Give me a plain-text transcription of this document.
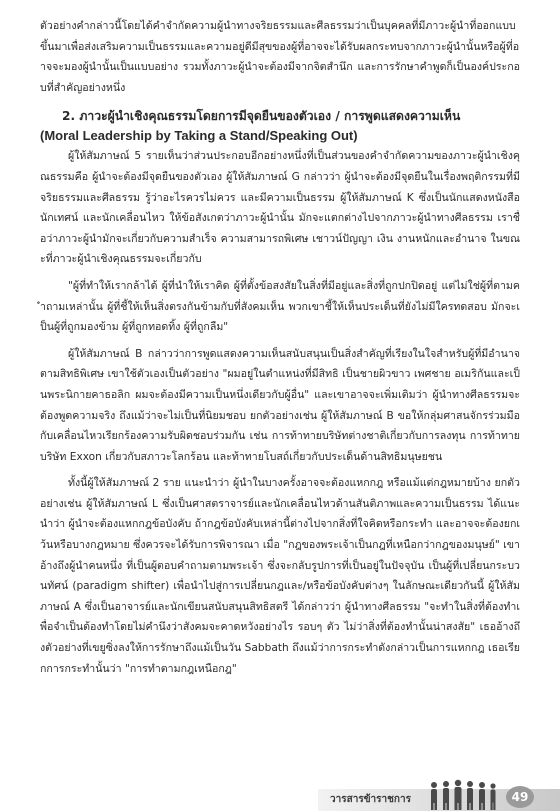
ตัวอย่างคำกล่าวนี้โดยได้คำจำกัดความผู้นำทางจริยธรรมและศีลธรรมว่าเป็นบุคคลที่มีภาวะผู้นำที่ออกแบบขึ้นมาเพื่อส่งเสริมความเป็นธรรมและความอยู่ดีมีสุขของผู้ที่อาจจะได้รับผลกระทบจากภาวะผู้นำนั้นหรือผู้ที่อาจจะมองผู้นำนั้นเป็นแบบอย่าง รวมทั้งภาวะผู้นำจะต้องมีจากจิตสำนึก และการรักษาคำพูดก็เป็นองค์ประกอบที่สำคัญอย่างหนึ่ง

2. ภาวะผู้นำเชิงคุณธรรมโดยการมีจุดยืนของตัวเอง / การพูดแสดงความเห็น
(Moral Leadership by Taking a Stand/Speaking Out)

ผู้ให้สัมภาษณ์ 5 รายเห็นว่าส่วนประกอบอีกอย่างหนึ่งที่เป็นส่วนของคำจำกัดความของภาวะผู้นำเชิงคุณธรรมคือ ผู้นำจะต้องมีจุดยืนของตัวเอง ผู้ให้สัมภาษณ์ G กล่าวว่า ผู้นำจะต้องมีจุดยืนในเรื่องพฤติกรรมที่มีจริยธรรมและศีลธรรม รู้ว่าอะไรควรไม่ควร และมีความเป็นธรรม ผู้ให้สัมภาษณ์ K ซึ่งเป็นนักแสดงหนังสือ นักเทศน์ และนักเคลื่อนไหว ให้ข้อสังเกตว่าภาวะผู้นำนั้น มักจะแตกต่างไปจากภาวะผู้นำทางศีลธรรม เราชื่อว่าภาวะผู้นำมักจะเกี่ยวกับความสำเร็จ ความสามารถพิเศษ เชาวน์ปัญญา เงิน งานหนักและอำนาจ ในขณะที่ภาวะผู้นำเชิงคุณธรรมจะเกี่ยวกับ

"ผู้ที่ทำให้เรากล้าได้ ผู้ที่นำให้เราคิด ผู้ที่ตั้งข้อสงสัยในสิ่งที่มีอยู่และสิ่งที่ถูกปกปิดอยู่ แต่ไม่ใช่ผู้ที่ตามคำถามเหล่านั้น ผู้ที่ชี้ให้เห็นสิ่งตรงกันข้ามกับที่สังคมเห็น พวกเขาชี้ให้เห็นประเด็นที่ยังไม่มีใครทดสอบ มักจะเป็นผู้ที่ถูกมองข้าม ผู้ที่ถูกทอดทิ้ง ผู้ที่ถูกลืม"

ผู้ให้สัมภาษณ์ B กล่าวว่าการพูดแสดงความเห็นสนับสนุนเป็นสิ่งสำคัญที่เรียงในใจสำหรับผู้ที่มีอำนาจตามสิทธิพิเศษ เขาใช้ตัวเองเป็นตัวอย่าง "ผมอยู่ในตำแหน่งที่มีสิทธิ เป็นชายผิวขาว เพศชาย อเมริกันและเป็นพระนิกายคาธอลิก ผมจะต้องมีความเป็นหนึ่งเดียวกับผู้อื่น" และเขาอาจจะเพิ่มเติมว่า ผู้นำทางศีลธรรมจะต้องพูดความจริง ถึงแม้ว่าจะไม่เป็นที่นิยมชอบ ยกตัวอย่างเช่น ผู้ให้สัมภาษณ์ B ขอให้กลุ่มศาสนจักรร่วมมือกับเคลื่อนไหวเรียกร้องความรับผิดชอบร่วมกัน เช่น การท้าทายบริษัทต่างชาติเกี่ยวกับการลงทุน การท้าทายบริษัท Exxon เกี่ยวกับสภาวะโลกร้อน และท้าทายโบสถ์เกี่ยวกับประเด็นด้านสิทธิมนุษยชน

ทั้งนี้ผู้ให้สัมภาษณ์ 2 ราย แนะนำว่า ผู้นำในบางครั้งอาจจะต้องแหกกฎ หรือแม้แต่กฎหมายบ้าง ยกตัวอย่างเช่น ผู้ให้สัมภาษณ์ L ซึ่งเป็นศาสตราจารย์และนักเคลื่อนไหวด้านสันติภาพและความเป็นธรรม ได้แนะนำว่า ผู้นำจะต้องแหกกฎข้อบังคับ ถ้ากฎข้อบังคับเหล่านี้ต่างไปจากสิ่งที่ใจคิดหรือกระทำ และอาจจะต้องยกเว้นหรือบางกฎหมาย ซึ่งควรจะได้รับการพิจารณา เมื่อ "กฎของพระเจ้าเป็นกฎที่เหนือกว่ากฎของมนุษย์" เขาอ้างถึงผู้นำคนหนึ่ง ที่เป็นผู้ตอบคำถามตามพระเจ้า ซึ่งจะกลับรูปการที่เป็นอยู่ในปัจจุบัน เป็นผู้ที่เปลี่ยนกระบวนทัศน์ (paradigm shifter) เพื่อนำไปสู่การเปลี่ยนกฎและ/หรือข้อบังคับต่างๆ ในลักษณะเดียวกันนี้ ผู้ให้สัมภาษณ์ A ซึ่งเป็นอาจารย์และนักเขียนสนับสนุนสิทธิสตรี ได้กล่าวว่า ผู้นำทางศีลธรรม "จะทำในสิ่งที่ต้องทำเพื่อจำเป็นต้องทำโดยไม่คำนึงว่าสังคมจะคาดหวังอย่างไร รอบๆ ตัว ไม่ว่าสิ่งที่ต้องทำนั้นน่าสงสัย" เธออ้างถึงตัวอย่างที่เขยูซิ่งลงให้การรักษาถึงแม้เป็นวัน Sabbath ถึงแม้ว่าการกระทำดังกล่าวเป็นการแหกกฎ เธอเรียกการกระทำนั้นว่า "การทำตามกฎเหนือกฎ"

วารสารข้าราชการ	49
